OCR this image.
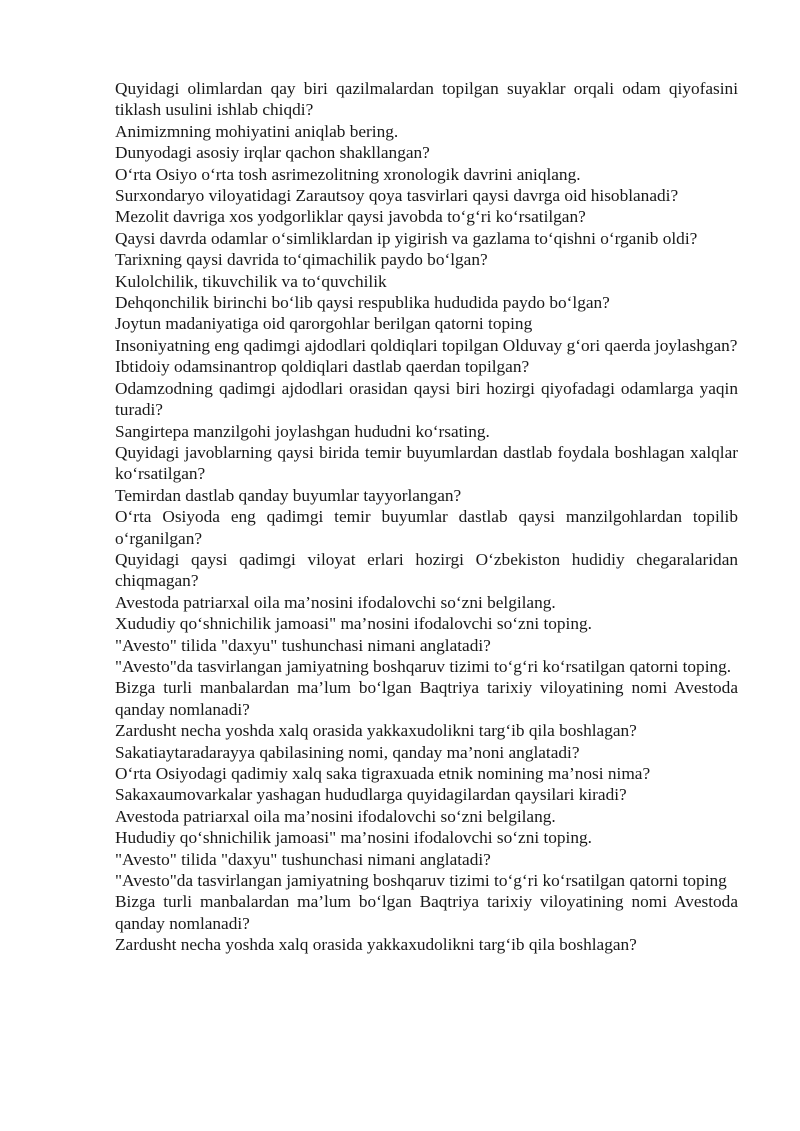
Quyidagi olimlardan qay biri qazilmalardan topilgan suyaklar orqali odam qiyofasini tiklash usulini ishlab chiqdi?

Animizmning mohiyatini aniqlab bering.

Dunyodagi asosiy irqlar qachon shakllangan?

O‘rta Osiyo o‘rta tosh asrimezolitning xronologik davrini aniqlang.

Surxondaryo viloyatidagi Zarautsoy qoya tasvirlari qaysi davrga oid hisoblanadi?

Mezolit davriga xos yodgorliklar qaysi javobda to‘g‘ri ko‘rsatilgan?

Qaysi davrda odamlar o‘simliklardan ip yigirish va gazlama to‘qishni o‘rganib oldi?

Tarixning qaysi davrida to‘qimachilik paydo bo‘lgan?

Kulolchilik, tikuvchilik va to‘quvchilik

Dehqonchilik birinchi bo‘lib qaysi respublika hududida paydo bo‘lgan?

Joytun madaniyatiga oid qarorgohlar berilgan qatorni toping

Insoniyatning eng qadimgi ajdodlari qoldiqlari topilgan Olduvay g‘ori qaerda joylashgan?

Ibtidoiy odamsinantrop qoldiqlari dastlab qaerdan topilgan?

Odamzodning qadimgi ajdodlari orasidan qaysi biri hozirgi qiyofadagi odamlarga yaqin turadi?

Sangirtepa manzilgohi joylashgan hududni ko‘rsating.

Quyidagi javoblarning qaysi birida temir buyumlardan dastlab foydala boshlagan xalqlar ko‘rsatilgan?

Temirdan dastlab qanday buyumlar tayyorlangan?

O‘rta Osiyoda eng qadimgi temir buyumlar dastlab qaysi manzilgohlardan topilib o‘rganilgan?

Quyidagi qaysi qadimgi viloyat erlari hozirgi O‘zbekiston hudidiy chegaralaridan chiqmagan?

Avestoda patriarxal oila ma’nosini ifodalovchi so‘zni belgilang.

Xududiy qo‘shnichilik jamoasi" ma’nosini ifodalovchi so‘zni toping.

"Avesto" tilida "daxyu" tushunchasi nimani anglatadi?

"Avesto"da tasvirlangan jamiyatning boshqaruv tizimi to‘g‘ri ko‘rsatilgan qatorni toping.

Bizga turli manbalardan ma’lum bo‘lgan Baqtriya tarixiy viloyatining nomi Avestoda qanday nomlanadi?

Zardusht necha yoshda xalq orasida yakkaxudolikni targ‘ib qila boshlagan?

Sakatiaytaradarayya qabilasining nomi, qanday ma’noni anglatadi?

O‘rta Osiyodagi qadimiy xalq saka tigraxuada etnik nomining ma’nosi nima?

Sakaxaumovarkalar yashagan hududlarga quyidagilardan qaysilari kiradi?

Avestoda patriarxal oila ma’nosini ifodalovchi so‘zni belgilang.

Hududiy qo‘shnichilik jamoasi" ma’nosini ifodalovchi so‘zni toping.

"Avesto" tilida "daxyu" tushunchasi nimani anglatadi?

"Avesto"da tasvirlangan jamiyatning boshqaruv tizimi to‘g‘ri ko‘rsatilgan qatorni toping

Bizga turli manbalardan ma’lum bo‘lgan Baqtriya tarixiy viloyatining nomi Avestoda qanday nomlanadi?

Zardusht necha yoshda xalq orasida yakkaxudolikni targ‘ib qila boshlagan?
